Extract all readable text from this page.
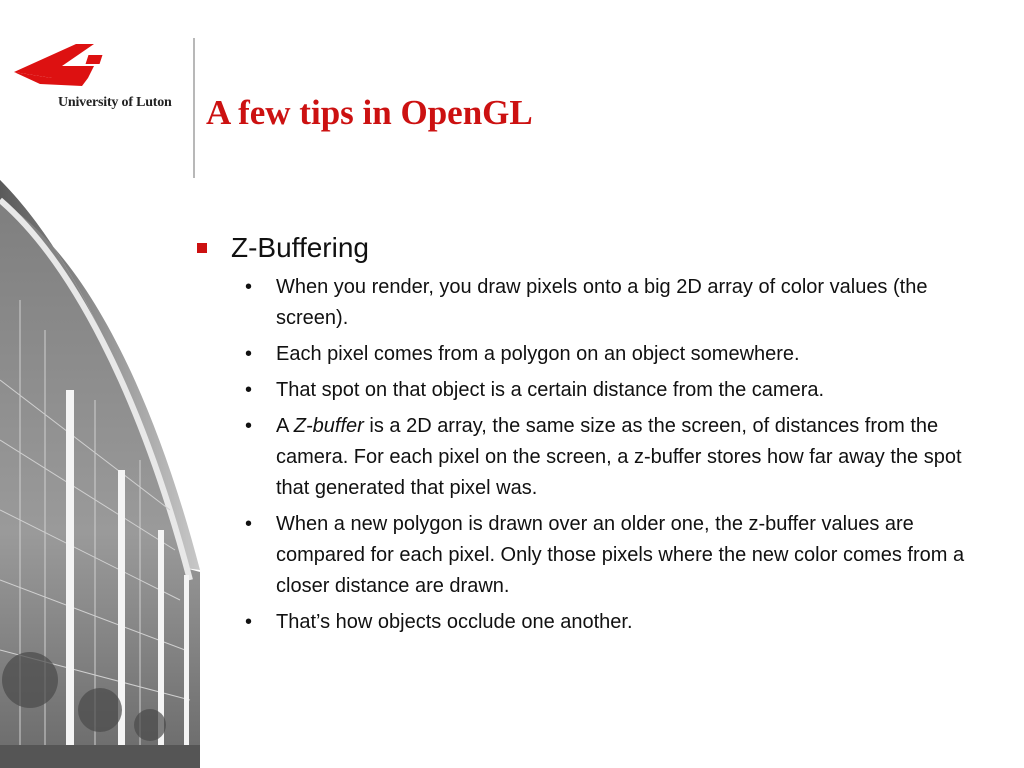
University of Luton A few tips in OpenGL
Z-Buffering
• When you render, you draw pixels onto a big 2D array of color values (the screen).
• Each pixel comes from a polygon on an object somewhere.
• That spot on that object is a certain distance from the camera.
• A Z-buffer is a 2D array, the same size as the screen, of distances from the camera. For each pixel on the screen, a z-buffer stores how far away the spot that generated that pixel was.
• When a new polygon is drawn over an older one, the z-buffer values are compared for each pixel. Only those pixels where the new color comes from a closer distance are drawn.
• That’s how objects occlude one another.
